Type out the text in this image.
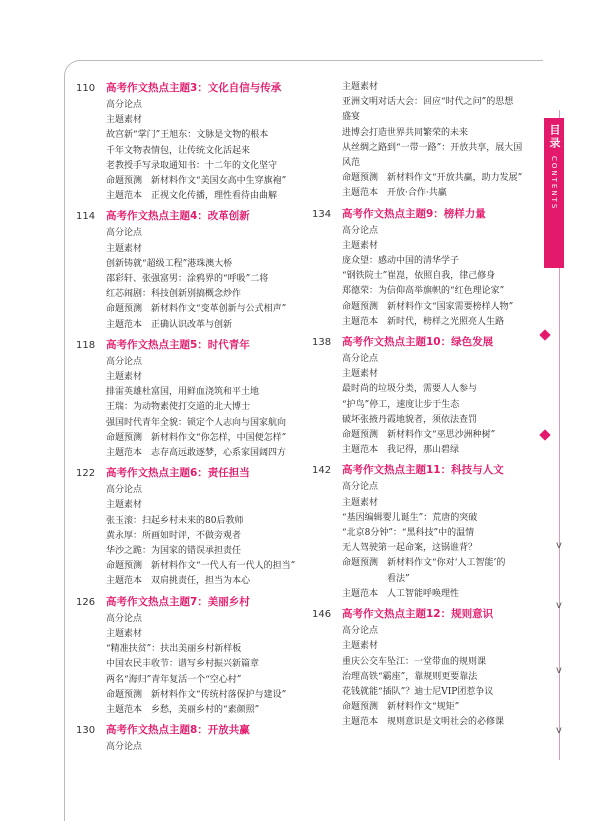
110	高考作文热点主题3：文化自信与传承
高分论点
主题素材
故宫新“掌门”王旭东：文脉是文物的根本
千年文物表情包，让传统文化活起来
老教授手写录取通知书：十二年的文化坚守
命题预测　新材料作文“美国女高中生穿旗袍”
主题范本　正视文化传播，理性看待由曲解
114	高考作文热点主题4：改革创新
高分论点
主题素材
创新铸就“超级工程”港珠澳大桥
邵彩轩、张强富男：涂鸦界的“呼吸”二将
红芯闹剧：科技创新别搞概念炒作
命题预测　新材料作文“变革创新与公式相声”
主题范本　正确认识改革与创新
118	高考作文热点主题5：时代青年
高分论点
主题素材
排雷英雄杜富国，用鲜血浇筑和平土地
王瑞：为动物素使打交道的北大博士
强国时代青年全貌：锁定个人志向与国家航向
命题预测　新材料作文“你怎样，中国便怎样”
主题范本　志存高远敢逐梦，心系家国阔四方
122	高考作文热点主题6：责任担当
高分论点
主题素材
张玉滚：扫起乡村未来的80后教师
黄永厚：所画如时评，不做旁观者
华沙之跪：为国家的错误承担责任
命题预测　新材料作文“一代人有一代人的担当”
主题范本　双肩挑责任，担当为本心
126	高考作文热点主题7：美丽乡村
高分论点
主题素材
“精准扶贫”：扶出美丽乡村新样板
中国农民丰收节：谱写乡村振兴新篇章
两名“海归”青年复活一个“空心村”
命题预测　新材料作文“传统村落保护与建设”
主题范本　乡愁，美丽乡村的“素颜照”
130	高考作文热点主题8：开放共赢
高分论点
主题素材
亚洲文明对话大会：回应“时代之问”的思想
盛宴
进博会打造世界共同繁荣的未来
从丝绸之路到“一带一路”：开放共享，展大国
风范
命题预测　新材料作文“开放共赢，助力发展”
主题范本　开放·合作·共赢
134	高考作文热点主题9：榜样力量
高分论点
主题素材
庞众望：感动中国的清华学子
“钢铁院士”崔崑，依照自我，律己修身
郑德荣：为信仰高举旗帜的“红色理论家”
命题预测　新材料作文“国家需要榜样人物”
主题范本　新时代，榜样之光照亮人生路
138	高考作文热点主题10：绿色发展
高分论点
主题素材
最时尚的垃圾分类，需要人人参与
“护鸟”停工，速度让步于生态
破坏张掖丹霞地貌者，须依法查罚
命题预测　新材料作文“巫思沙洲种树”
主题范本　我记得，那山碧绿
142	高考作文热点主题11：科技与人文
高分论点
主题素材
“基因编辑婴儿诞生”：荒唐的突破
“北京8分钟”：“黑科技”中的温情
无人驾驶第一起命案，这锅谁背？
命题预测　新材料作文“你对‘人工智能’的
　　　　　看法”
主题范本　人工智能呼唤理性
146	高考作文热点主题12：规则意识
高分论点
主题素材
重庆公交车坠江：一堂带血的规则课
治理高铁“霸座”，靠规则更要靠法
花钱就能“插队”？迪士尼VIP团惹争议
命题预测　新材料作文“规矩”
主题范本　规则意识是文明社会的必修课
目录
CONTENTS
v
v
v
v
